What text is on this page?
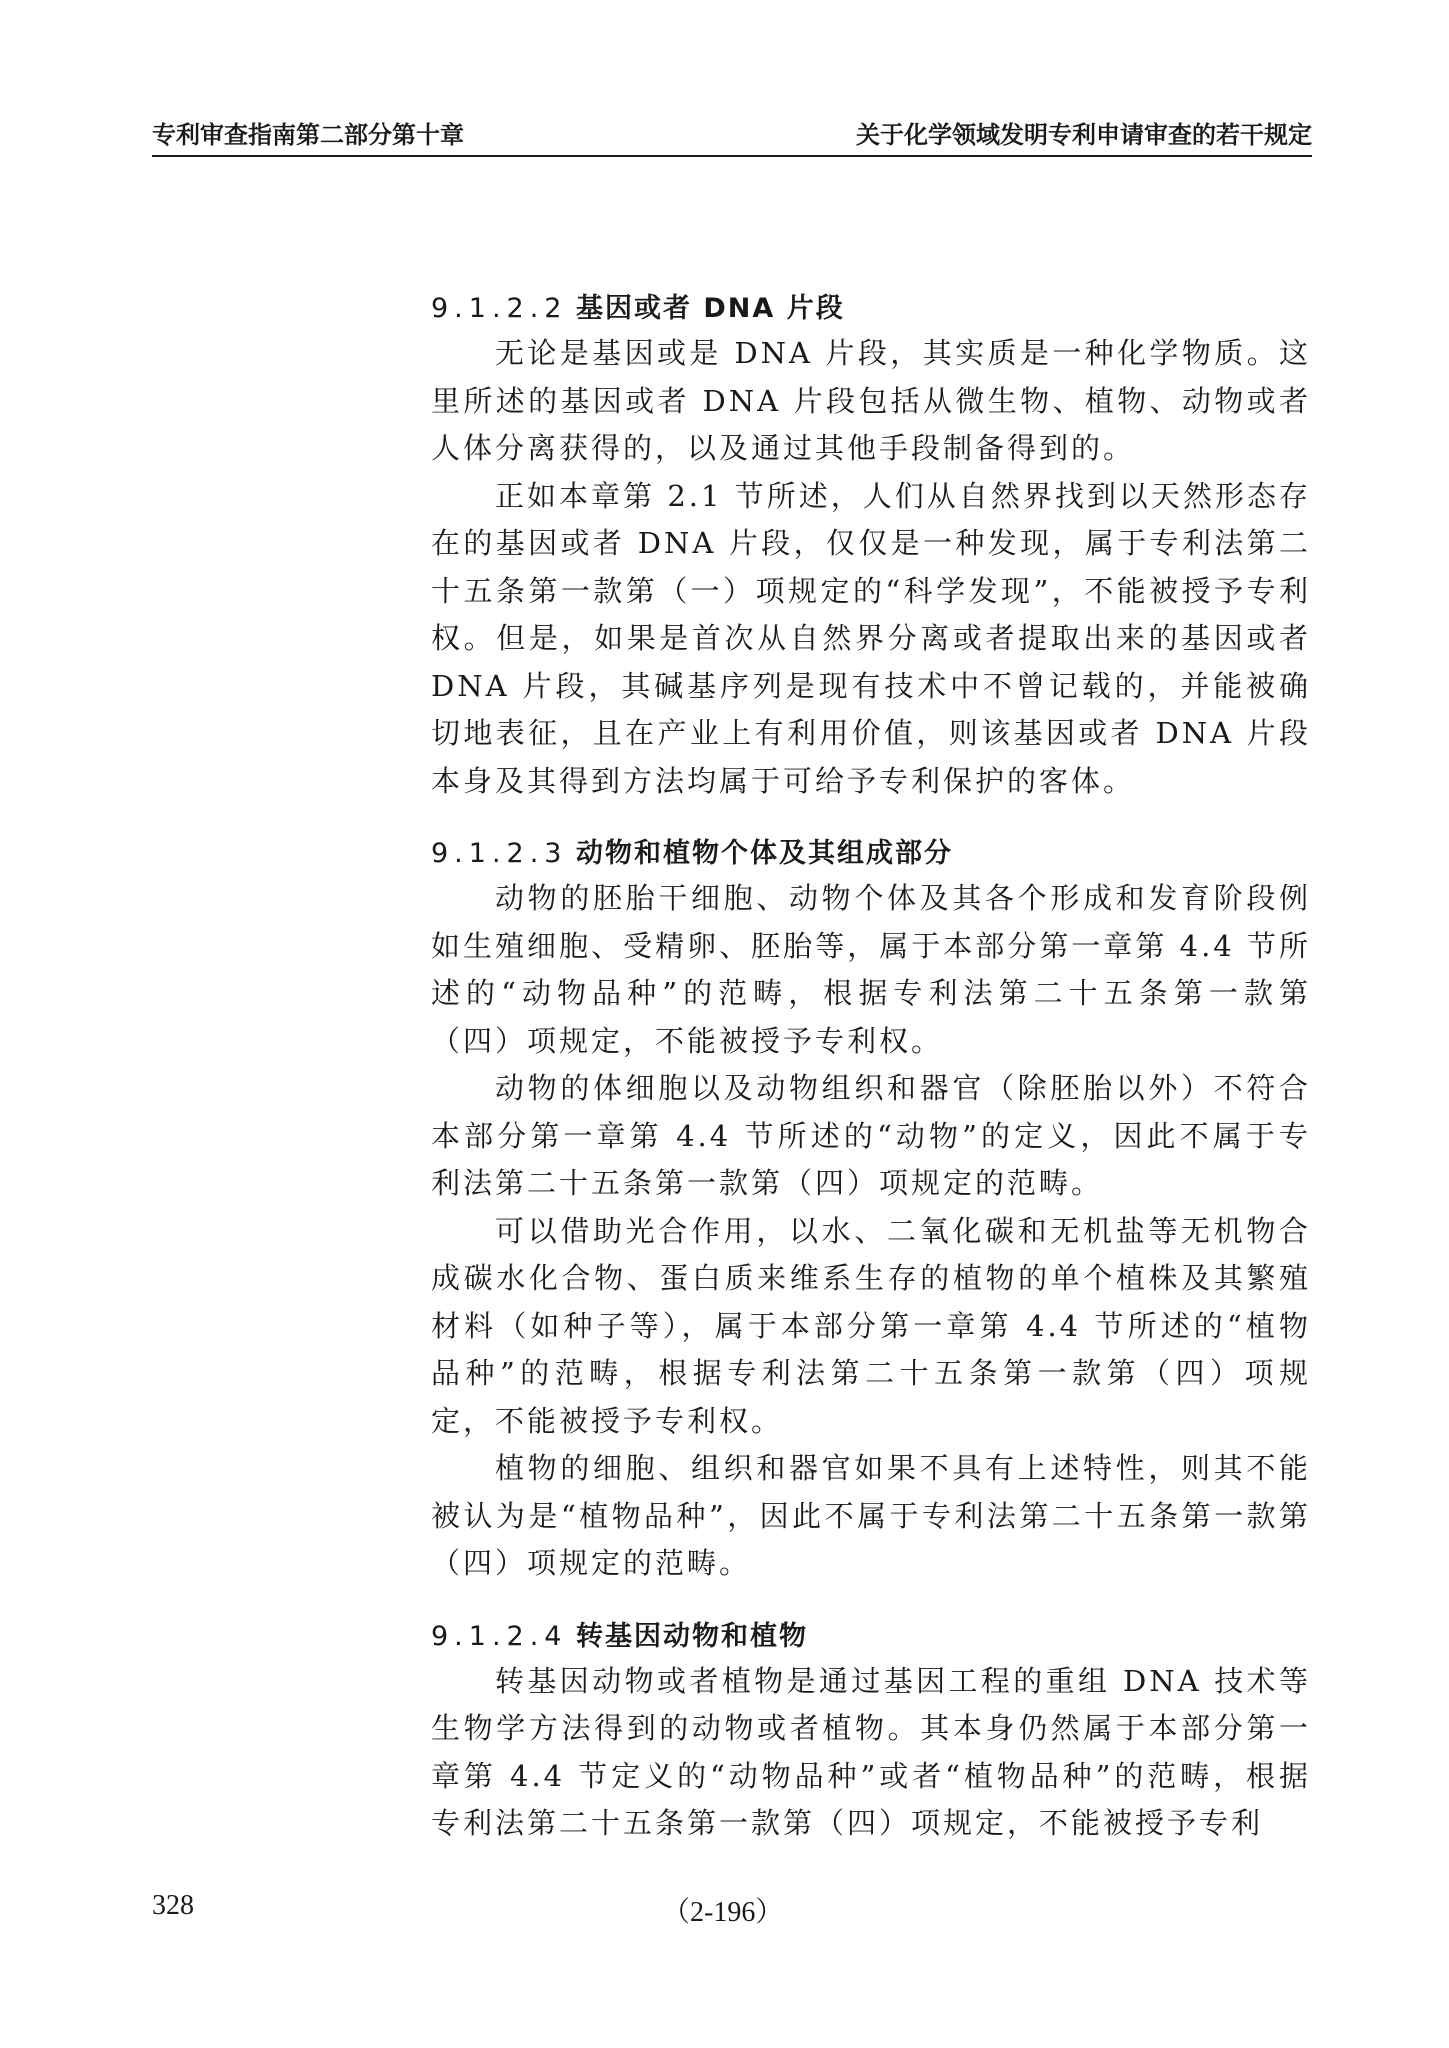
专利审查指南第二部分第十章	关于化学领域发明专利申请审查的若干规定
9.1.2.2 基因或者 DNA 片段

无论是基因或是 DNA 片段，其实质是一种化学物质。这里所述的基因或者 DNA 片段包括从微生物、植物、动物或者人体分离获得的，以及通过其他手段制备得到的。

正如本章第 2.1 节所述，人们从自然界找到以天然形态存在的基因或者 DNA 片段，仅仅是一种发现，属于专利法第二十五条第一款第（一）项规定的“科学发现”，不能被授予专利权。但是，如果是首次从自然界分离或者提取出来的基因或者 DNA 片段，其碱基序列是现有技术中不曾记载的，并能被确切地表征，且在产业上有利用价值，则该基因或者 DNA 片段本身及其得到方法均属于可给予专利保护的客体。

9.1.2.3 动物和植物个体及其组成部分

动物的胚胎干细胞、动物个体及其各个形成和发育阶段例如生殖细胞、受精卵、胚胎等，属于本部分第一章第 4.4 节所述的“动物品种”的范畴，根据专利法第二十五条第一款第（四）项规定，不能被授予专利权。

动物的体细胞以及动物组织和器官（除胚胎以外）不符合本部分第一章第 4.4 节所述的“动物”的定义，因此不属于专利法第二十五条第一款第（四）项规定的范畴。

可以借助光合作用，以水、二氧化碳和无机盐等无机物合成碳水化合物、蛋白质来维系生存的植物的单个植株及其繁殖材料（如种子等），属于本部分第一章第 4.4 节所述的“植物品种”的范畴，根据专利法第二十五条第一款第（四）项规定，不能被授予专利权。

植物的细胞、组织和器官如果不具有上述特性，则其不能被认为是“植物品种”，因此不属于专利法第二十五条第一款第（四）项规定的范畴。

9.1.2.4 转基因动物和植物

转基因动物或者植物是通过基因工程的重组 DNA 技术等生物学方法得到的动物或者植物。其本身仍然属于本部分第一章第 4.4 节定义的“动物品种”或者“植物品种”的范畴，根据专利法第二十五条第一款第（四）项规定，不能被授予专利

328	（2-196）
